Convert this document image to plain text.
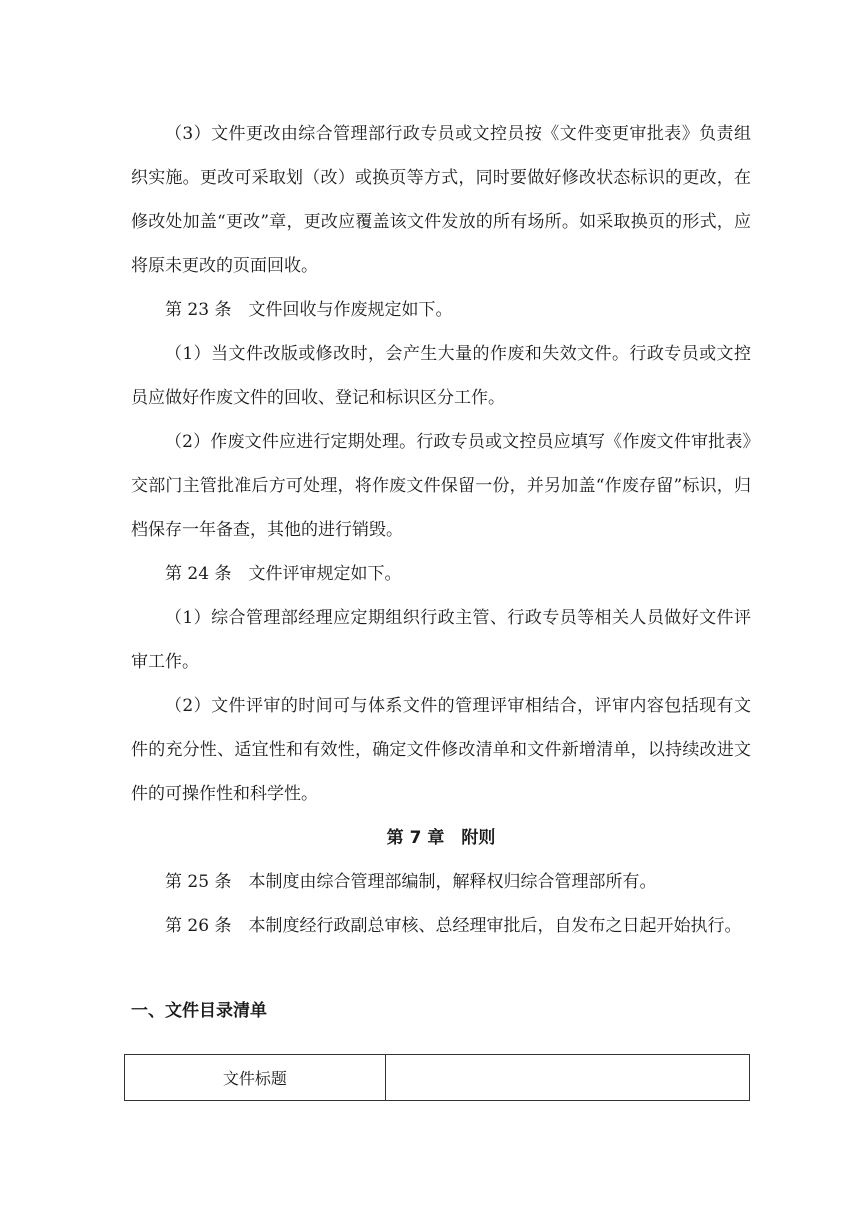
（3）文件更改由综合管理部行政专员或文控员按《文件变更审批表》负责组织实施。更改可采取划（改）或换页等方式，同时要做好修改状态标识的更改，在修改处加盖“更改”章，更改应覆盖该文件发放的所有场所。如采取换页的形式，应将原未更改的页面回收。

第 23 条　文件回收与作废规定如下。

（1）当文件改版或修改时，会产生大量的作废和失效文件。行政专员或文控员应做好作废文件的回收、登记和标识区分工作。

（2）作废文件应进行定期处理。行政专员或文控员应填写《作废文件审批表》交部门主管批准后方可处理，将作废文件保留一份，并另加盖“作废存留”标识，归档保存一年备查，其他的进行销毁。

第 24 条　文件评审规定如下。

（1）综合管理部经理应定期组织行政主管、行政专员等相关人员做好文件评审工作。

（2）文件评审的时间可与体系文件的管理评审相结合，评审内容包括现有文件的充分性、适宜性和有效性，确定文件修改清单和文件新增清单，以持续改进文件的可操作性和科学性。

第 7 章　附则

第 25 条　本制度由综合管理部编制，解释权归综合管理部所有。

第 26 条　本制度经行政副总审核、总经理审批后，自发布之日起开始执行。

一、文件目录清单
文件标题	
